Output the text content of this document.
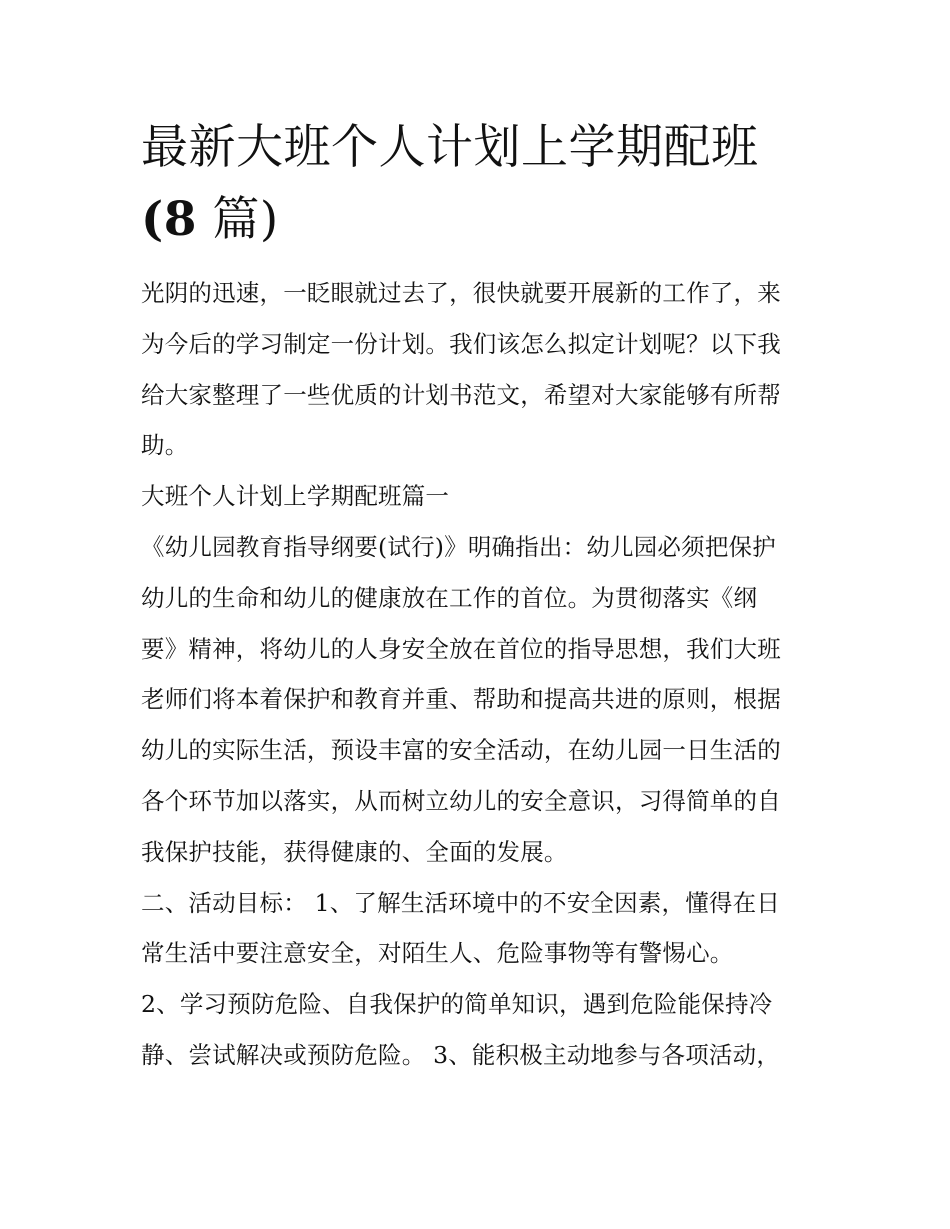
最新大班个人计划上学期配班
(8 篇)

光阴的迅速，一眨眼就过去了，很快就要开展新的工作了，来
为今后的学习制定一份计划。我们该怎么拟定计划呢？以下我
给大家整理了一些优质的计划书范文，希望对大家能够有所帮
助。

大班个人计划上学期配班篇一

《幼儿园教育指导纲要(试行)》明确指出：幼儿园必须把保护
幼儿的生命和幼儿的健康放在工作的首位。为贯彻落实《纲
要》精神，将幼儿的人身安全放在首位的指导思想，我们大班
老师们将本着保护和教育并重、帮助和提高共进的原则，根据
幼儿的实际生活，预设丰富的安全活动，在幼儿园一日生活的
各个环节加以落实，从而树立幼儿的安全意识，习得简单的自
我保护技能，获得健康的、全面的发展。

二、活动目标： 1、了解生活环境中的不安全因素，懂得在日
常生活中要注意安全，对陌生人、危险事物等有警惕心。

2、学习预防危险、自我保护的简单知识，遇到危险能保持冷
静、尝试解决或预防危险。 3、能积极主动地参与各项活动，
